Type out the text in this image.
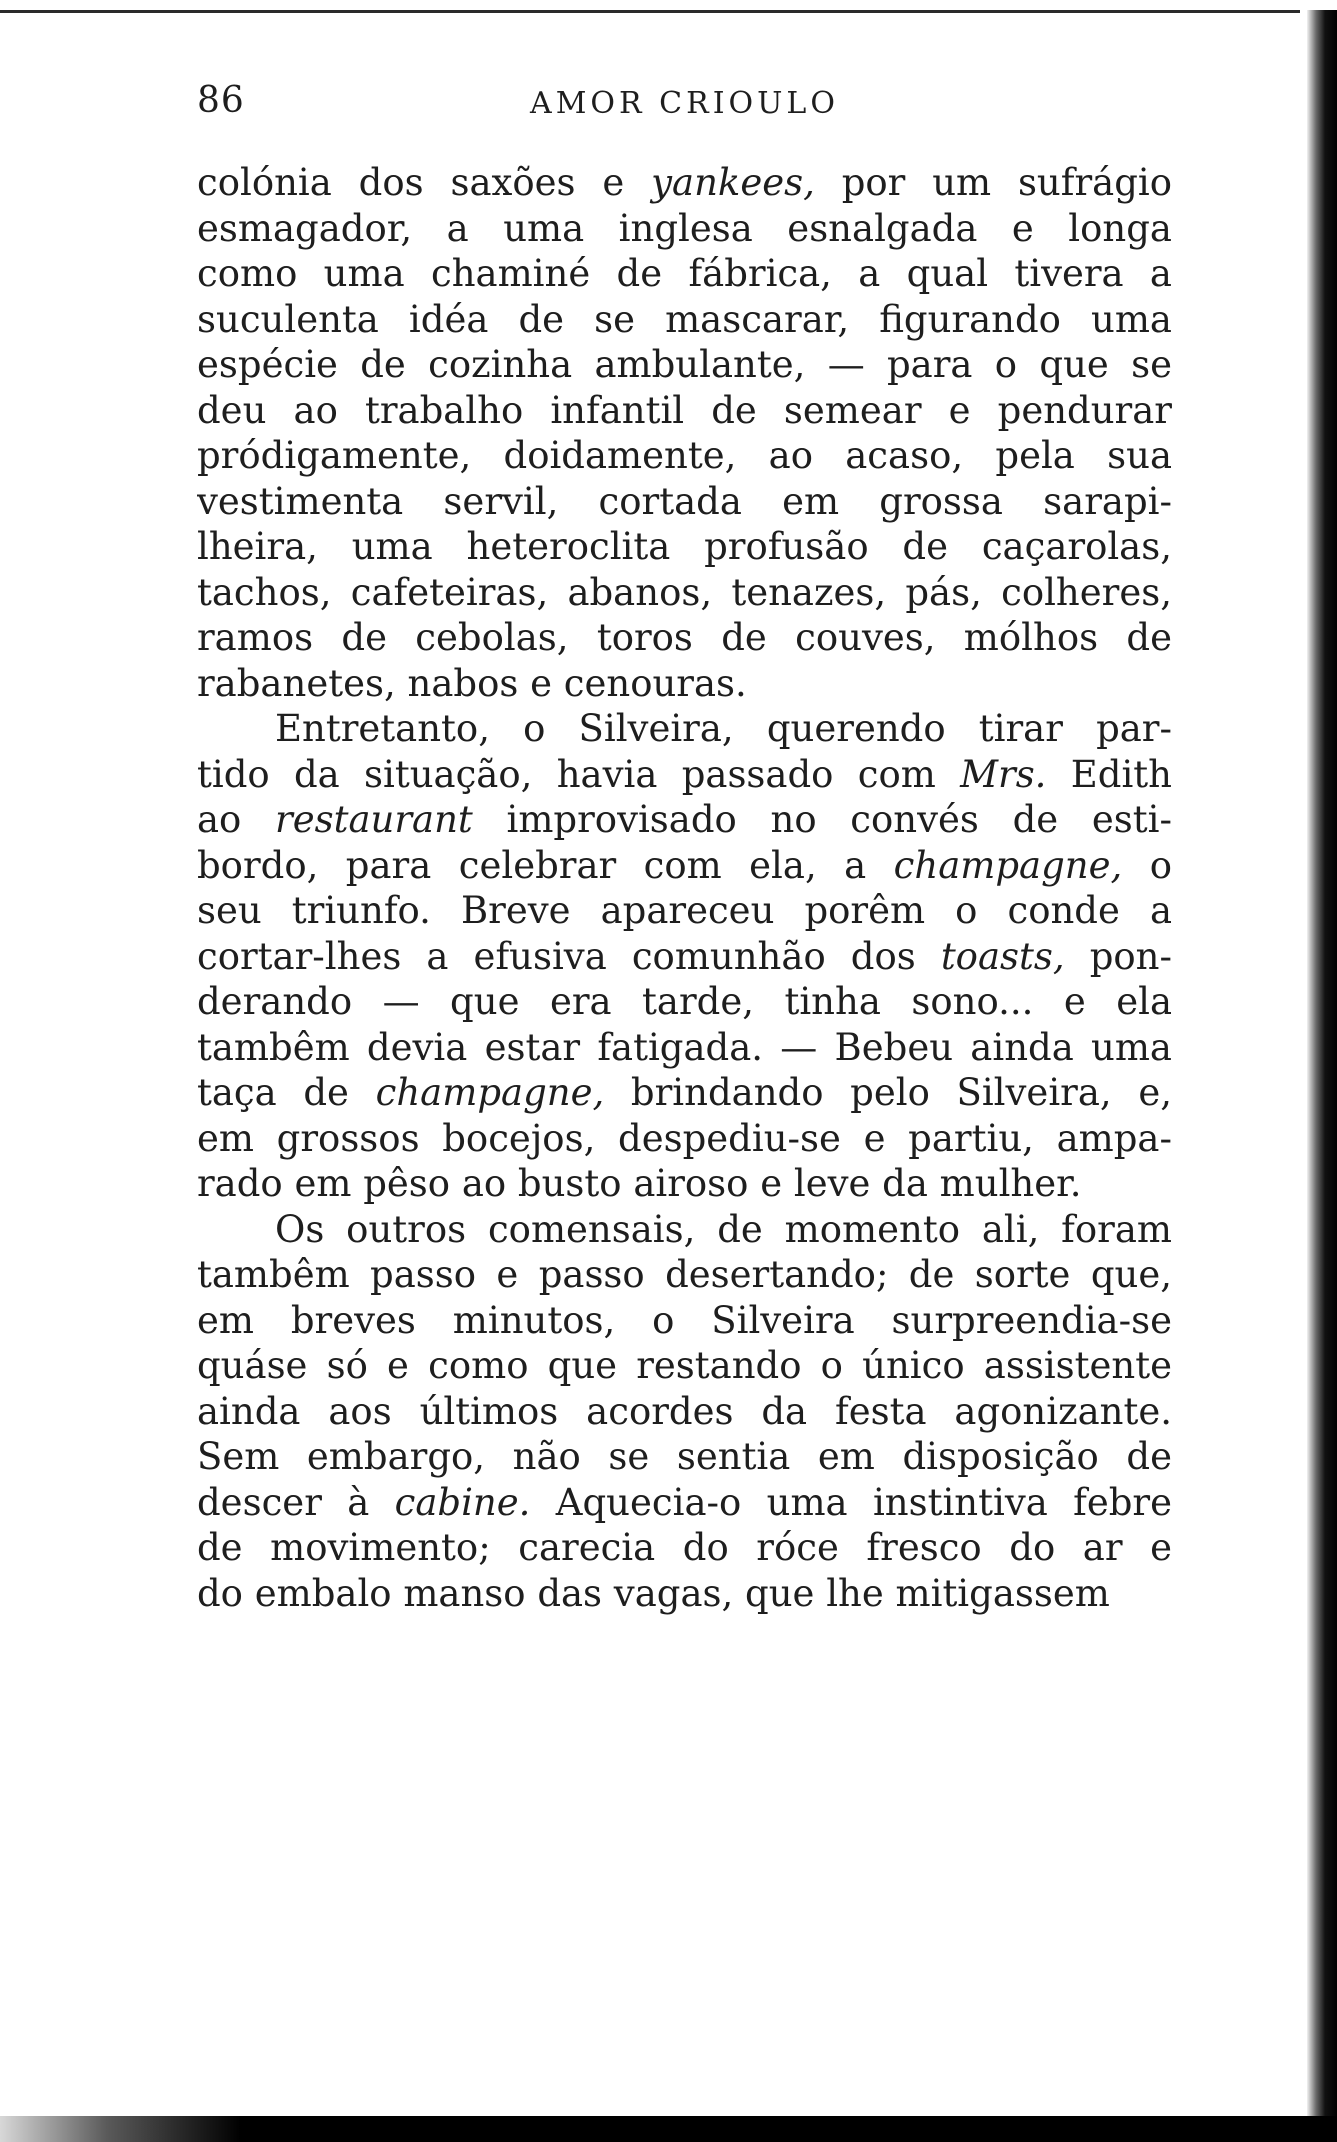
86	AMOR CRIOULO
colónia dos saxões e yankees, por um sufrágio
esmagador, a uma inglesa esnalgada e longa
como uma chaminé de fábrica, a qual tivera a
suculenta idéa de se mascarar, figurando uma
espécie de cozinha ambulante, — para o que se
deu ao trabalho infantil de semear e pendurar
pródigamente, doidamente, ao acaso, pela sua
vestimenta servil, cortada em grossa sarapi-
lheira, uma heteroclita profusão de caçarolas,
tachos, cafeteiras, abanos, tenazes, pás, colheres,
ramos de cebolas, toros de couves, mólhos de
rabanetes, nabos e cenouras.
Entretanto, o Silveira, querendo tirar par-
tido da situação, havia passado com Mrs. Edith
ao restaurant improvisado no convés de esti-
bordo, para celebrar com ela, a champagne, o
seu triunfo. Breve apareceu porêm o conde a
cortar-lhes a efusiva comunhão dos toasts, pon-
derando — que era tarde, tinha sono... e ela
tambêm devia estar fatigada. — Bebeu ainda uma
taça de champagne, brindando pelo Silveira, e,
em grossos bocejos, despediu-se e partiu, ampa-
rado em pêso ao busto airoso e leve da mulher.
Os outros comensais, de momento ali, foram
tambêm passo e passo desertando; de sorte que,
em breves minutos, o Silveira surpreendia-se
quáse só e como que restando o único assistente
ainda aos últimos acordes da festa agonizante.
Sem embargo, não se sentia em disposição de
descer à cabine. Aquecia-o uma instintiva febre
de movimento; carecia do róce fresco do ar e
do embalo manso das vagas, que lhe mitigassem
